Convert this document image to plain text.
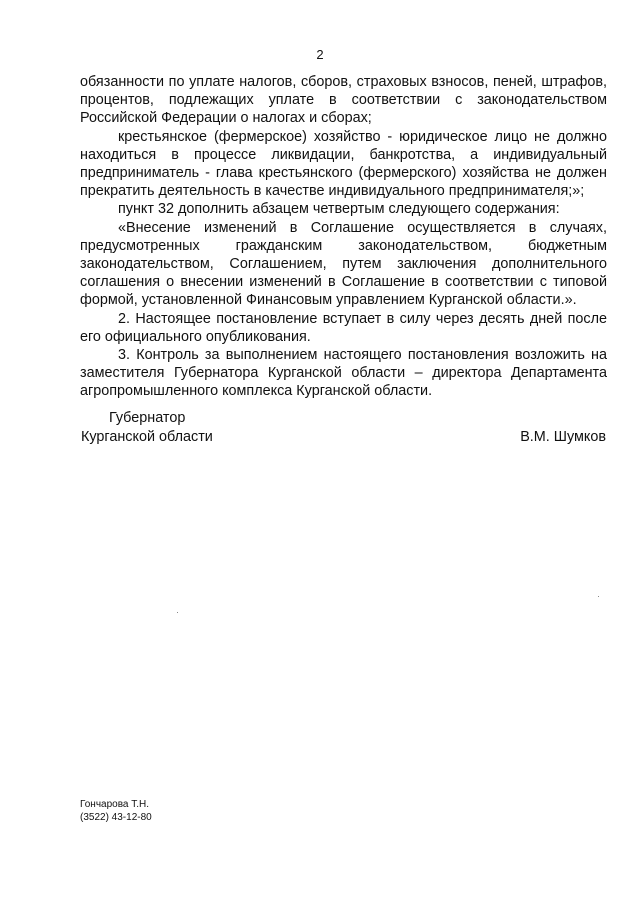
2

обязанности по уплате налогов, сборов, страховых взносов, пеней, штрафов, процентов, подлежащих уплате в соответствии с законодательством Российской Федерации о налогах и сборах;

крестьянское (фермерское) хозяйство - юридическое лицо не должно находиться в процессе ликвидации, банкротства, а индивидуальный предприниматель - глава крестьянского (фермерского) хозяйства не должен прекратить деятельность в качестве индивидуального предпринимателя;»;

пункт 32 дополнить абзацем четвертым следующего содержания:

«Внесение изменений в Соглашение осуществляется в случаях, предусмотренных гражданским законодательством, бюджетным законодательством, Соглашением, путем заключения дополнительного соглашения о внесении изменений в Соглашение в соответствии с типовой формой, установленной Финансовым управлением Курганской области.».

2. Настоящее постановление вступает в силу через десять дней после его официального опубликования.

3. Контроль за выполнением настоящего постановления возложить на заместителя Губернатора Курганской области – директора Департамента агропромышленного комплекса Курганской области.

Губернатор
Курганской области	В.М. Шумков
Гончарова Т.Н.
(3522) 43-12-80
